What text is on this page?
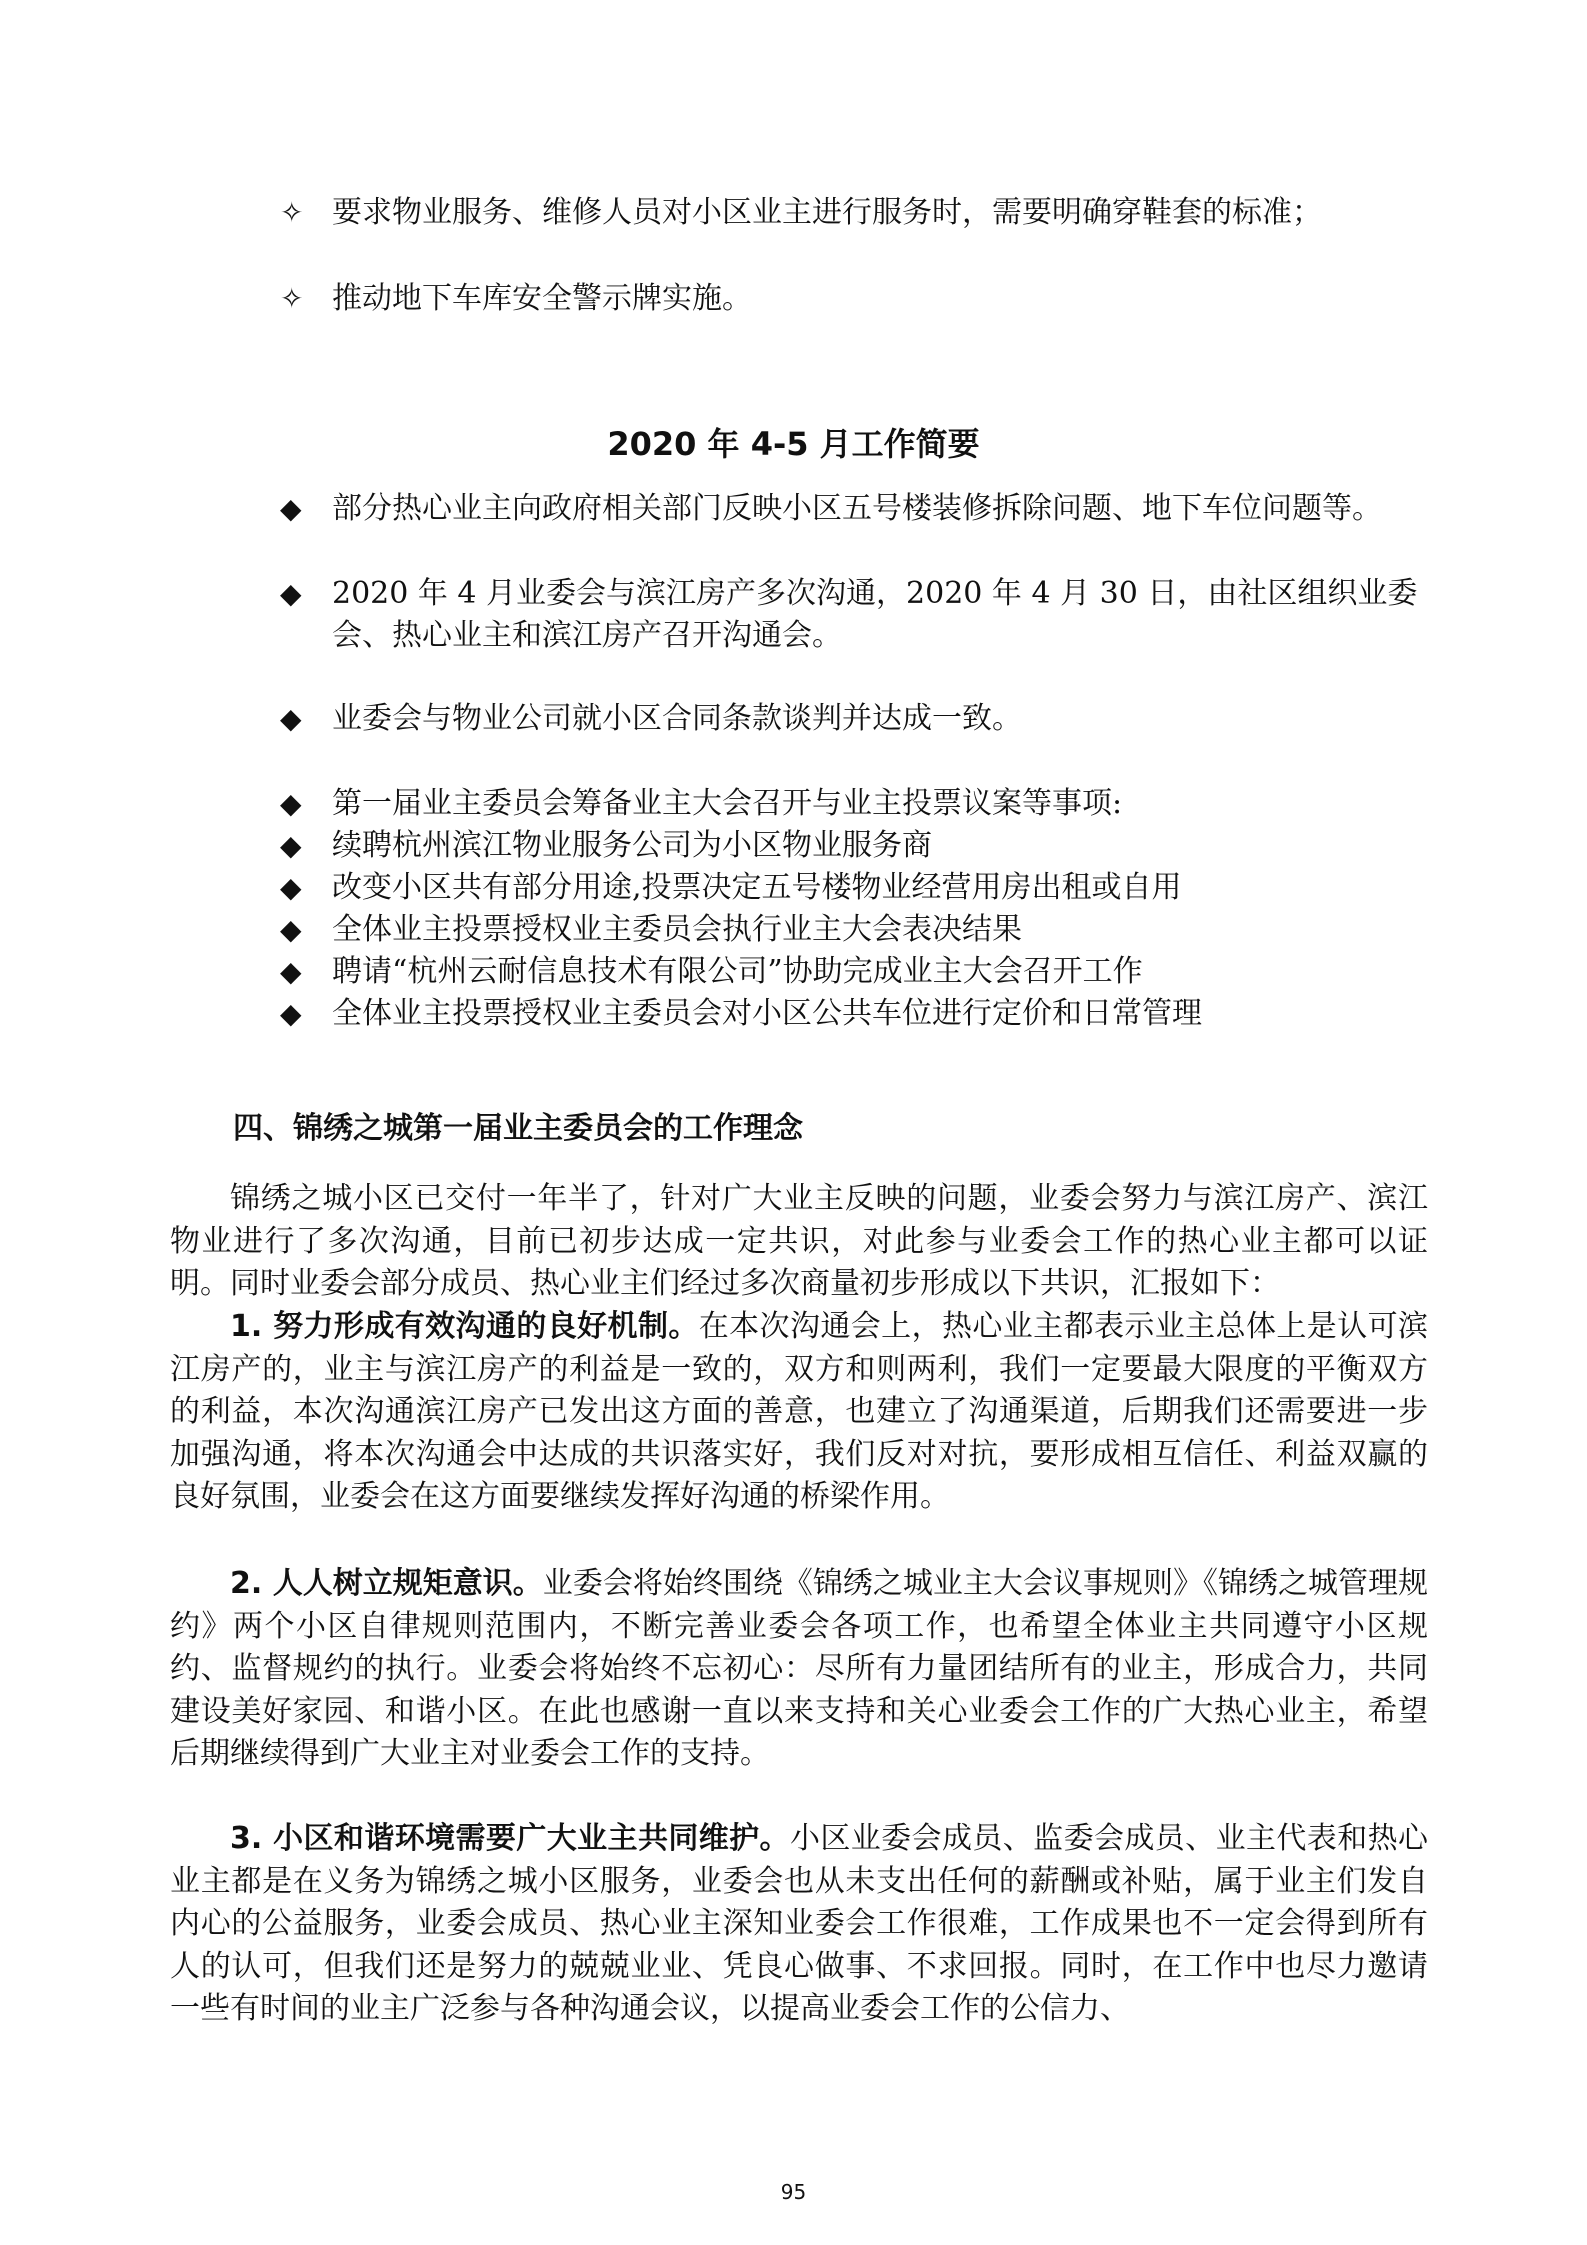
✧ 要求物业服务、维修人员对小区业主进行服务时，需要明确穿鞋套的标准；
✧ 推动地下车库安全警示牌实施。
2020 年 4-5 月工作简要
◆	部分热心业主向政府相关部门反映小区五号楼装修拆除问题、地下车位问题等。
◆	2020 年 4 月业委会与滨江房产多次沟通，2020 年 4 月 30 日，由社区组织业委会、热心业主和滨江房产召开沟通会。
◆	业委会与物业公司就小区合同条款谈判并达成一致。
◆	第一届业主委员会筹备业主大会召开与业主投票议案等事项:
◆	续聘杭州滨江物业服务公司为小区物业服务商
◆	改变小区共有部分用途,投票决定五号楼物业经营用房出租或自用
◆	全体业主投票授权业主委员会执行业主大会表决结果
◆	聘请“杭州云耐信息技术有限公司”协助完成业主大会召开工作
◆	全体业主投票授权业主委员会对小区公共车位进行定价和日常管理
四、锦绣之城第一届业主委员会的工作理念

锦绣之城小区已交付一年半了，针对广大业主反映的问题，业委会努力与滨江房产、滨江物业进行了多次沟通，目前已初步达成一定共识，对此参与业委会工作的热心业主都可以证明。同时业委会部分成员、热心业主们经过多次商量初步形成以下共识，汇报如下：

1. 努力形成有效沟通的良好机制。在本次沟通会上，热心业主都表示业主总体上是认可滨江房产的，业主与滨江房产的利益是一致的，双方和则两利，我们一定要最大限度的平衡双方的利益，本次沟通滨江房产已发出这方面的善意，也建立了沟通渠道，后期我们还需要进一步加强沟通，将本次沟通会中达成的共识落实好，我们反对对抗，要形成相互信任、利益双赢的良好氛围，业委会在这方面要继续发挥好沟通的桥梁作用。

2. 人人树立规矩意识。业委会将始终围绕《锦绣之城业主大会议事规则》《锦绣之城管理规约》两个小区自律规则范围内，不断完善业委会各项工作，也希望全体业主共同遵守小区规约、监督规约的执行。业委会将始终不忘初心：尽所有力量团结所有的业主，形成合力，共同建设美好家园、和谐小区。在此也感谢一直以来支持和关心业委会工作的广大热心业主，希望后期继续得到广大业主对业委会工作的支持。

3. 小区和谐环境需要广大业主共同维护。小区业委会成员、监委会成员、业主代表和热心业主都是在义务为锦绣之城小区服务，业委会也从未支出任何的薪酬或补贴，属于业主们发自内心的公益服务，业委会成员、热心业主深知业委会工作很难，工作成果也不一定会得到所有人的认可，但我们还是努力的兢兢业业、凭良心做事、不求回报。同时，在工作中也尽力邀请一些有时间的业主广泛参与各种沟通会议，以提高业委会工作的公信力、

95
